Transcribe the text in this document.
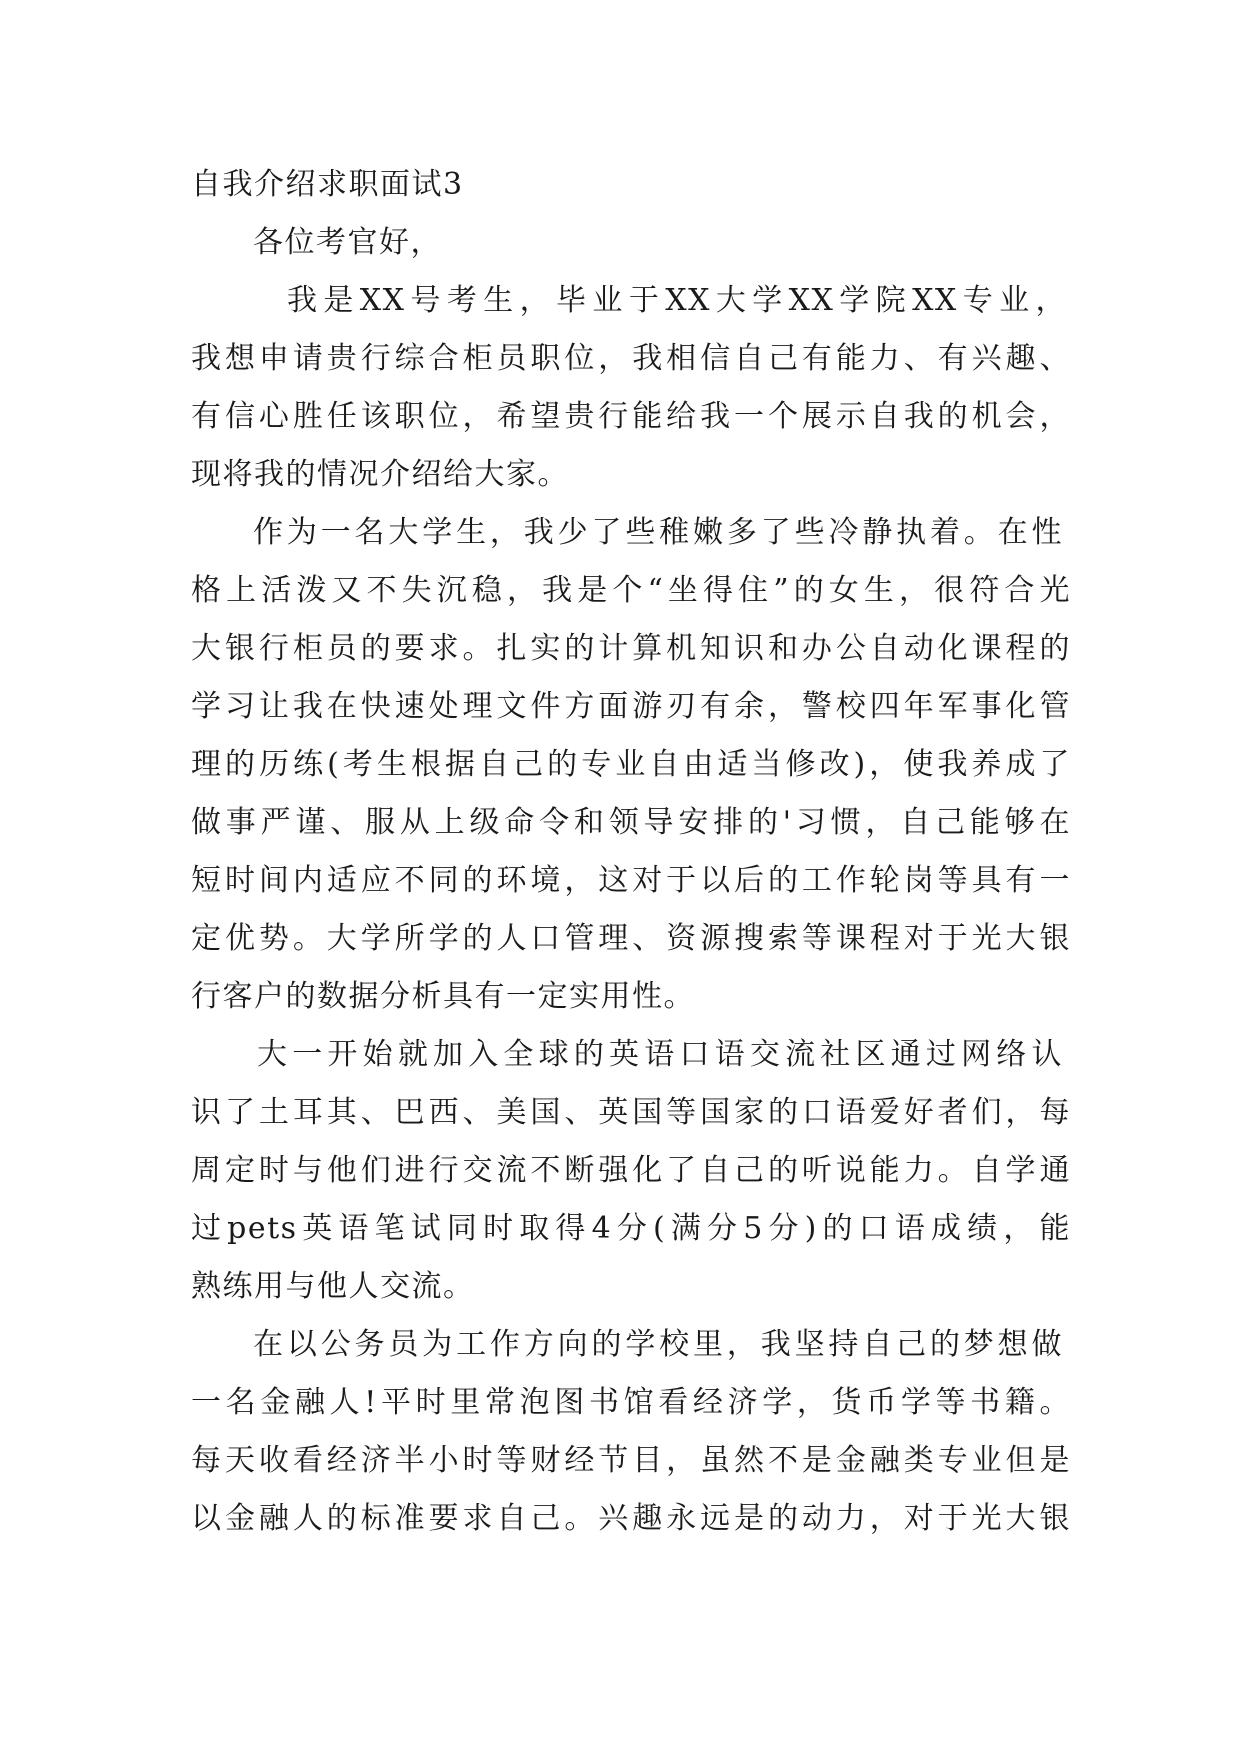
自我介绍求职面试3
各位考官好，
我是XX号考生，毕业于XX大学XX学院XX专业，
我想申请贵行综合柜员职位，我相信自己有能力、有兴趣、
有信心胜任该职位，希望贵行能给我一个展示自我的机会，
现将我的情况介绍给大家。
作为一名大学生，我少了些稚嫩多了些冷静执着。在性
格上活泼又不失沉稳，我是个“坐得住”的女生，很符合光
大银行柜员的要求。扎实的计算机知识和办公自动化课程的
学习让我在快速处理文件方面游刃有余，警校四年军事化管
理的历练(考生根据自己的专业自由适当修改)，使我养成了
做事严谨、服从上级命令和领导安排的'习惯，自己能够在
短时间内适应不同的环境，这对于以后的工作轮岗等具有一
定优势。大学所学的人口管理、资源搜索等课程对于光大银
行客户的数据分析具有一定实用性。
大一开始就加入全球的英语口语交流社区通过网络认
识了土耳其、巴西、美国、英国等国家的口语爱好者们，每
周定时与他们进行交流不断强化了自己的听说能力。自学通
过pets英语笔试同时取得4分(满分5分)的口语成绩，能
熟练用与他人交流。
在以公务员为工作方向的学校里，我坚持自己的梦想做
一名金融人!平时里常泡图书馆看经济学，货币学等书籍。
每天收看经济半小时等财经节目，虽然不是金融类专业但是
以金融人的标准要求自己。兴趣永远是的动力，对于光大银
